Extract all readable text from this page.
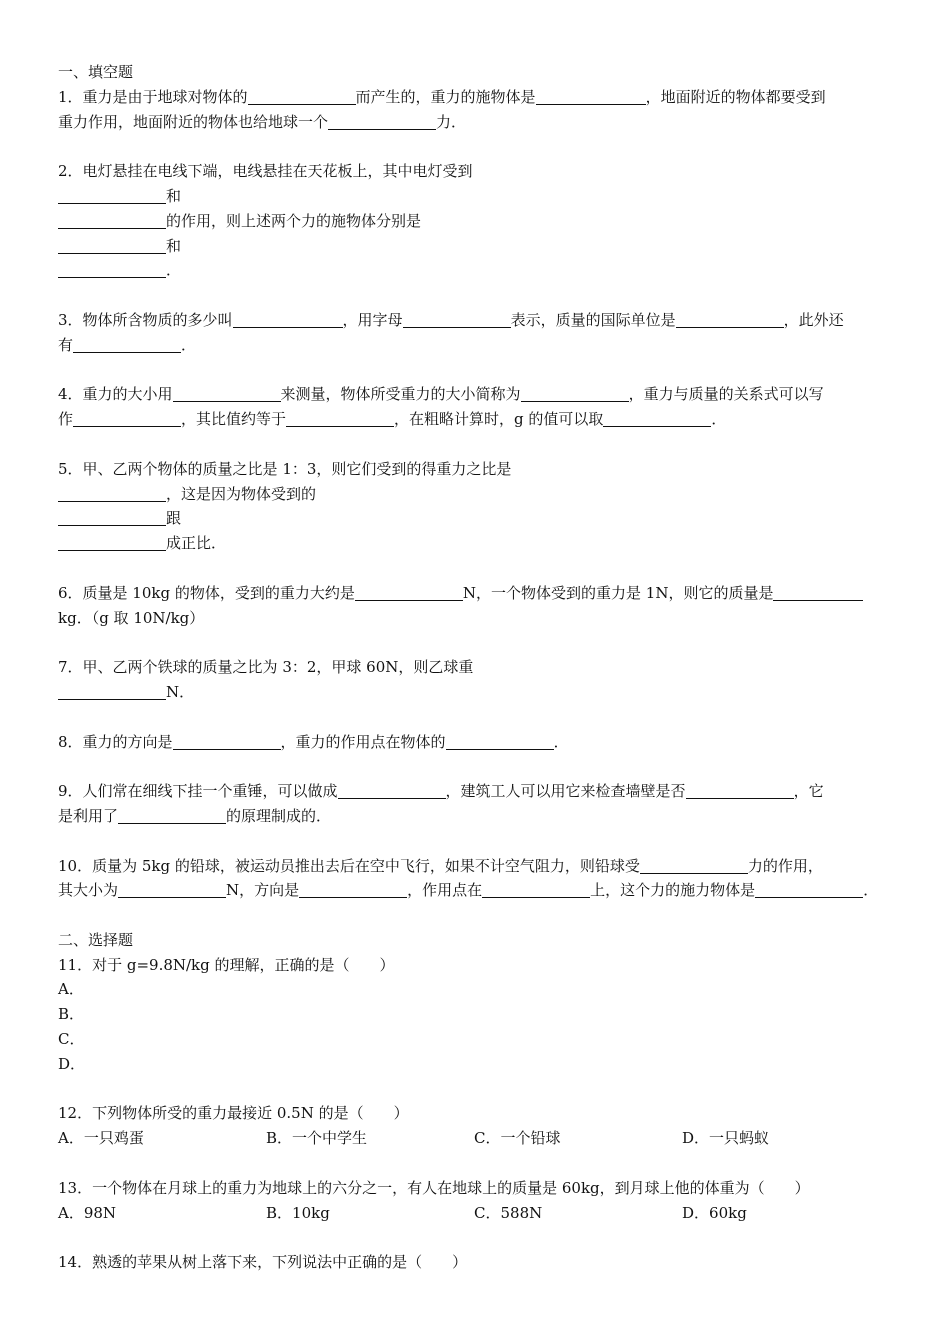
一、填空题
1．重力是由于地球对物体的	而产生的，重力的施物体是	，地面附近的物体都要受到
重力作用，地面附近的物体也给地球一个	力．
2．电灯悬挂在电线下端，电线悬挂在天花板上，其中电灯受到
和
的作用，则上述两个力的施物体分别是
和
．
3．物体所含物质的多少叫	，用字母	表示，质量的国际单位是	，此外还
有	．
4．重力的大小用	来测量，物体所受重力的大小简称为	，重力与质量的关系式可以写
作	，其比值约等于	，在粗略计算时，g 的值可以取	．
5．甲、乙两个物体的质量之比是 1：3，则它们受到的得重力之比是
，这是因为物体受到的
跟
成正比．
6．质量是 10kg 的物体，受到的重力大约是	N，一个物体受到的重力是 1N，则它的质量是
kg．（g 取 10N/kg）
7．甲、乙两个铁球的质量之比为 3：2，甲球 60N，则乙球重
N．
8．重力的方向是	，重力的作用点在物体的	．
9．人们常在细线下挂一个重锤，可以做成	，建筑工人可以用它来检查墙壁是否	，它
是利用了	的原理制成的．
10．质量为 5kg 的铅球，被运动员推出去后在空中飞行，如果不计空气阻力，则铅球受	力的作用，
其大小为	N，方向是	，作用点在	上，这个力的施力物体是	．
二、选择题
11．对于 g=9.8N/kg 的理解，正确的是（　　）
A．
B．
C．
D．
12．下列物体所受的重力最接近 0.5N 的是（　　）
A．一只鸡蛋	B．一个中学生	C．一个铅球	D．一只蚂蚁
13．一个物体在月球上的重力为地球上的六分之一，有人在地球上的质量是 60kg，到月球上他的体重为（　　）
A．98N	B．10kg	C．588N	D．60kg
14．熟透的苹果从树上落下来，下列说法中正确的是（　　）
